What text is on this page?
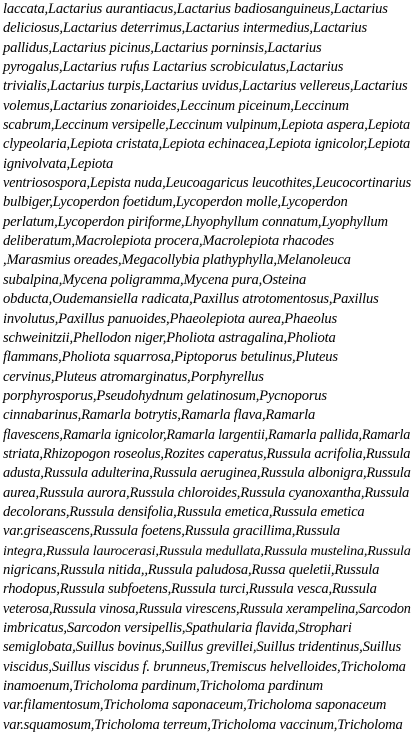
laccata,Lactarius aurantiacus,Lactarius badiosanguineus,Lactarius
deliciosus,Lactarius deterrimus,Lactarius intermedius,Lactarius
pallidus,Lactarius picinus,Lactarius porninsis,Lactarius
pyrogalus,Lactarius rufus Lactarius scrobiculatus,Lactarius
trivialis,Lactarius turpis,Lactarius uvidus,Lactarius vellereus,Lactarius
volemus,Lactarius zonarioides,Leccinum piceinum,Leccinum
scabrum,Leccinum versipelle,Leccinum vulpinum,Lepiota aspera,Lepiota
clypeolaria,Lepiota cristata,Lepiota echinacea,Lepiota ignicolor,Lepiota
ignivolvata,Lepiota
ventriosospora,Lepista nuda,Leucoagaricus leucothites,Leucocortinarius
bulbiger,Lycoperdon foetidum,Lycoperdon molle,Lycoperdon
perlatum,Lycoperdon piriforme,Lhyophyllum connatum,Lyophyllum
deliberatum,Macrolepiota procera,Macrolepiota rhacodes
,Marasmius oreades,Megacollybia plathyphylla,Melanoleuca
subalpina,Mycena poligramma,Mycena pura,Osteina
obducta,Oudemansiella radicata,Paxillus atrotomentosus,Paxillus
involutus,Paxillus panuoides,Phaeolepiota aurea,Phaeolus
schweinitzii,Phellodon niger,Pholiota astragalina,Pholiota
flammans,Pholiota squarrosa,Piptoporus betulinus,Pluteus
cervinus,Pluteus atromarginatus,Porphyrellus
porphyrosporus,Pseudohydnum gelatinosum,Pycnoporus
cinnabarinus,Ramarla botrytis,Ramarla flava,Ramarla
flavescens,Ramarla ignicolor,Ramarla largentii,Ramarla pallida,Ramarla
striata,Rhizopogon roseolus,Rozites caperatus,Russula acrifolia,Russula
adusta,Russula adulterina,Russula aeruginea,Russula albonigra,Russula
aurea,Russula aurora,Russula chloroides,Russula cyanoxantha,Russula
decolorans,Russula densifolia,Russula emetica,Russula emetica
var.griseascens,Russula foetens,Russula gracillima,Russula
integra,Russula laurocerasi,Russula medullata,Russula mustelina,Russula
nigricans,Russula nitida,,Russula paludosa,Russa queletii,Russula
rhodopus,Russula subfoetens,Russula turci,Russula vesca,Russula
veterosa,Russula vinosa,Russula virescens,Russula xerampelina,Sarcodon
imbricatus,Sarcodon versipellis,Spathularia flavida,Strophari
semiglobata,Suillus bovinus,Suillus grevillei,Suillus tridentinus,Suillus
viscidus,Suillus viscidus f. brunneus,Tremiscus helvelloides,Tricholoma
inamoenum,Tricholoma pardinum,Tricholoma pardinum
var.filamentosum,Tricholoma saponaceum,Tricholoma saponaceum
var.squamosum,Tricholoma terreum,Tricholoma vaccinum,Tricholoma
